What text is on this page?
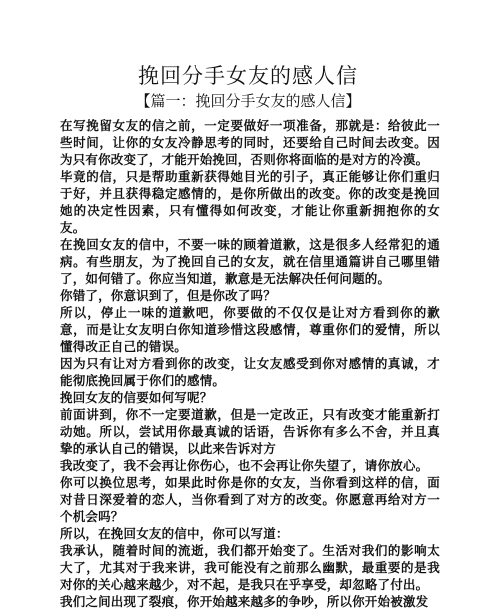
挽回分手女友的感人信
【篇一：挽回分手女友的感人信】

在写挽留女友的信之前，一定要做好一项准备，那就是：给彼此一些时间，让你的女友冷静思考的同时，还要给自己时间去改变。因为只有你改变了，才能开始挽回，否则你将面临的是对方的冷漠。

毕竟的信，只是帮助重新获得她目光的引子，真正能够让你们重归于好，并且获得稳定感情的，是你所做出的改变。你的改变是挽回她的决定性因素，只有懂得如何改变，才能让你重新拥抱你的女友。

在挽回女友的信中，不要一味的顾着道歉，这是很多人经常犯的通病。有些朋友，为了挽回自己的女友，就在信里通篇讲自己哪里错了，如何错了。你应当知道，歉意是无法解决任何问题的。

你错了，你意识到了，但是你改了吗？

所以，停止一味的道歉吧，你要做的不仅仅是让对方看到你的歉意，而是让女友明白你知道珍惜这段感情，尊重你们的爱情，所以懂得改正自己的错误。

因为只有让对方看到你的改变，让女友感受到你对感情的真诚，才能彻底挽回属于你们的感情。

挽回女友的信要如何写呢？

前面讲到，你不一定要道歉，但是一定改正，只有改变才能重新打动她。所以，尝试用你最真诚的话语，告诉你有多么不舍，并且真挚的承认自己的错误，以此来告诉对方

我改变了，我不会再让你伤心，也不会再让你失望了，请你放心。

你可以换位思考，如果此时你是你的女友，当你看到这样的信，面对昔日深爱着的恋人，当你看到了对方的改变。你愿意再给对方一个机会吗？

所以，在挽回女友的信中，你可以写道：

我承认，随着时间的流逝，我们都开始变了。生活对我们的影响太大了，尤其对于我来讲，我可能没有之前那么幽默，最重要的是我对你的关心越来越少，对不起，是我只在乎享受，却忽略了付出。

我们之间出现了裂痕，你开始越来越多的争吵，所以你开始被激发
